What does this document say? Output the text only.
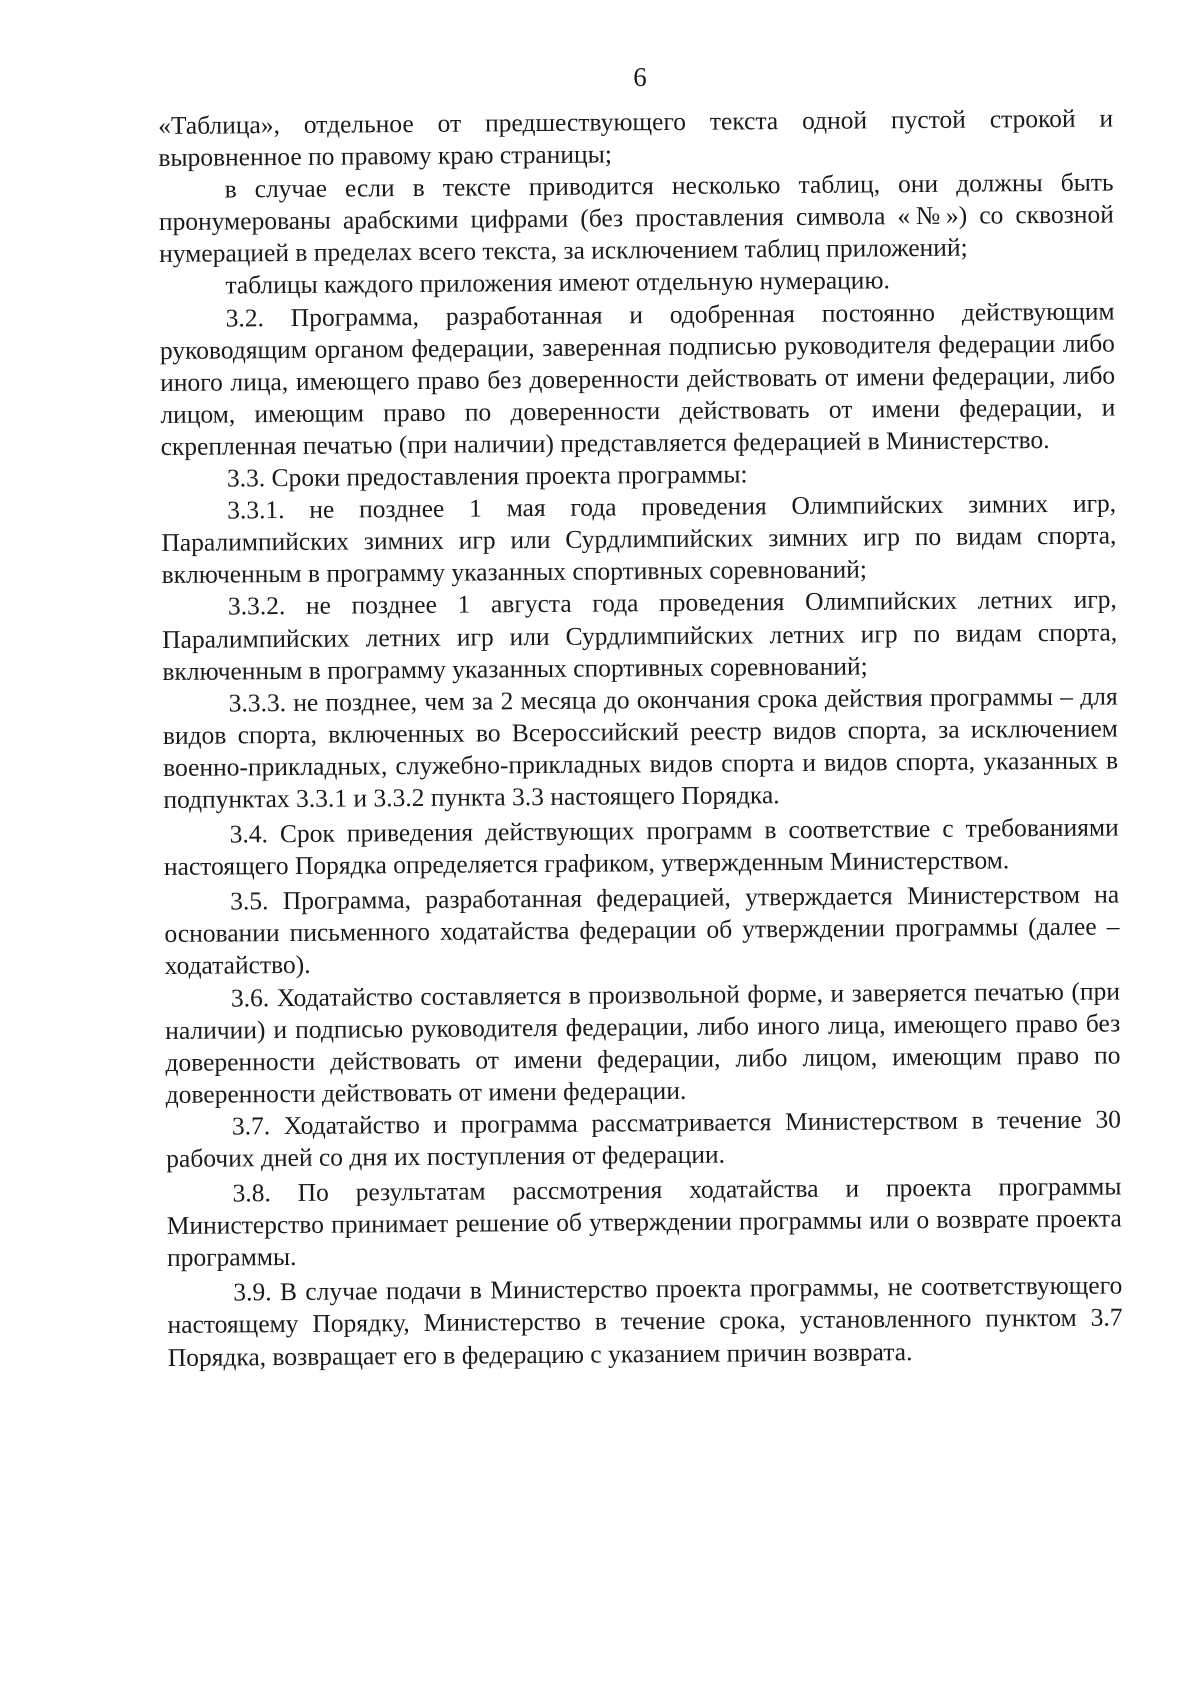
6

«Таблица», отдельное от предшествующего текста одной пустой строкой и выровненное по правому краю страницы;

в случае если в тексте приводится несколько таблиц, они должны быть пронумерованы арабскими цифрами (без проставления символа «№») со сквозной нумерацией в пределах всего текста, за исключением таблиц приложений;

таблицы каждого приложения имеют отдельную нумерацию.

3.2. Программа, разработанная и одобренная постоянно действующим руководящим органом федерации, заверенная подписью руководителя федерации либо иного лица, имеющего право без доверенности действовать от имени федерации, либо лицом, имеющим право по доверенности действовать от имени федерации, и скрепленная печатью (при наличии) представляется федерацией в Министерство.

3.3. Сроки предоставления проекта программы:

3.3.1. не позднее 1 мая года проведения Олимпийских зимних игр, Паралимпийских зимних игр или Сурдлимпийских зимних игр по видам спорта, включенным в программу указанных спортивных соревнований;

3.3.2. не позднее 1 августа года проведения Олимпийских летних игр, Паралимпийских летних игр или Сурдлимпийских летних игр по видам спорта, включенным в программу указанных спортивных соревнований;

3.3.3. не позднее, чем за 2 месяца до окончания срока действия программы – для видов спорта, включенных во Всероссийский реестр видов спорта, за исключением военно-прикладных, служебно-прикладных видов спорта и видов спорта, указанных в подпунктах 3.3.1 и 3.3.2 пункта 3.3 настоящего Порядка.

3.4. Срок приведения действующих программ в соответствие с требованиями настоящего Порядка определяется графиком, утвержденным Министерством.

3.5. Программа, разработанная федерацией, утверждается Министерством на основании письменного ходатайства федерации об утверждении программы (далее – ходатайство).

3.6. Ходатайство составляется в произвольной форме, и заверяется печатью (при наличии) и подписью руководителя федерации, либо иного лица, имеющего право без доверенности действовать от имени федерации, либо лицом, имеющим право по доверенности действовать от имени федерации.

3.7. Ходатайство и программа рассматривается Министерством в течение 30 рабочих дней со дня их поступления от федерации.

3.8. По результатам рассмотрения ходатайства и проекта программы Министерство принимает решение об утверждении программы или о возврате проекта программы.

3.9. В случае подачи в Министерство проекта программы, не соответствующего настоящему Порядку, Министерство в течение срока, установленного пунктом 3.7 Порядка, возвращает его в федерацию с указанием причин возврата.
